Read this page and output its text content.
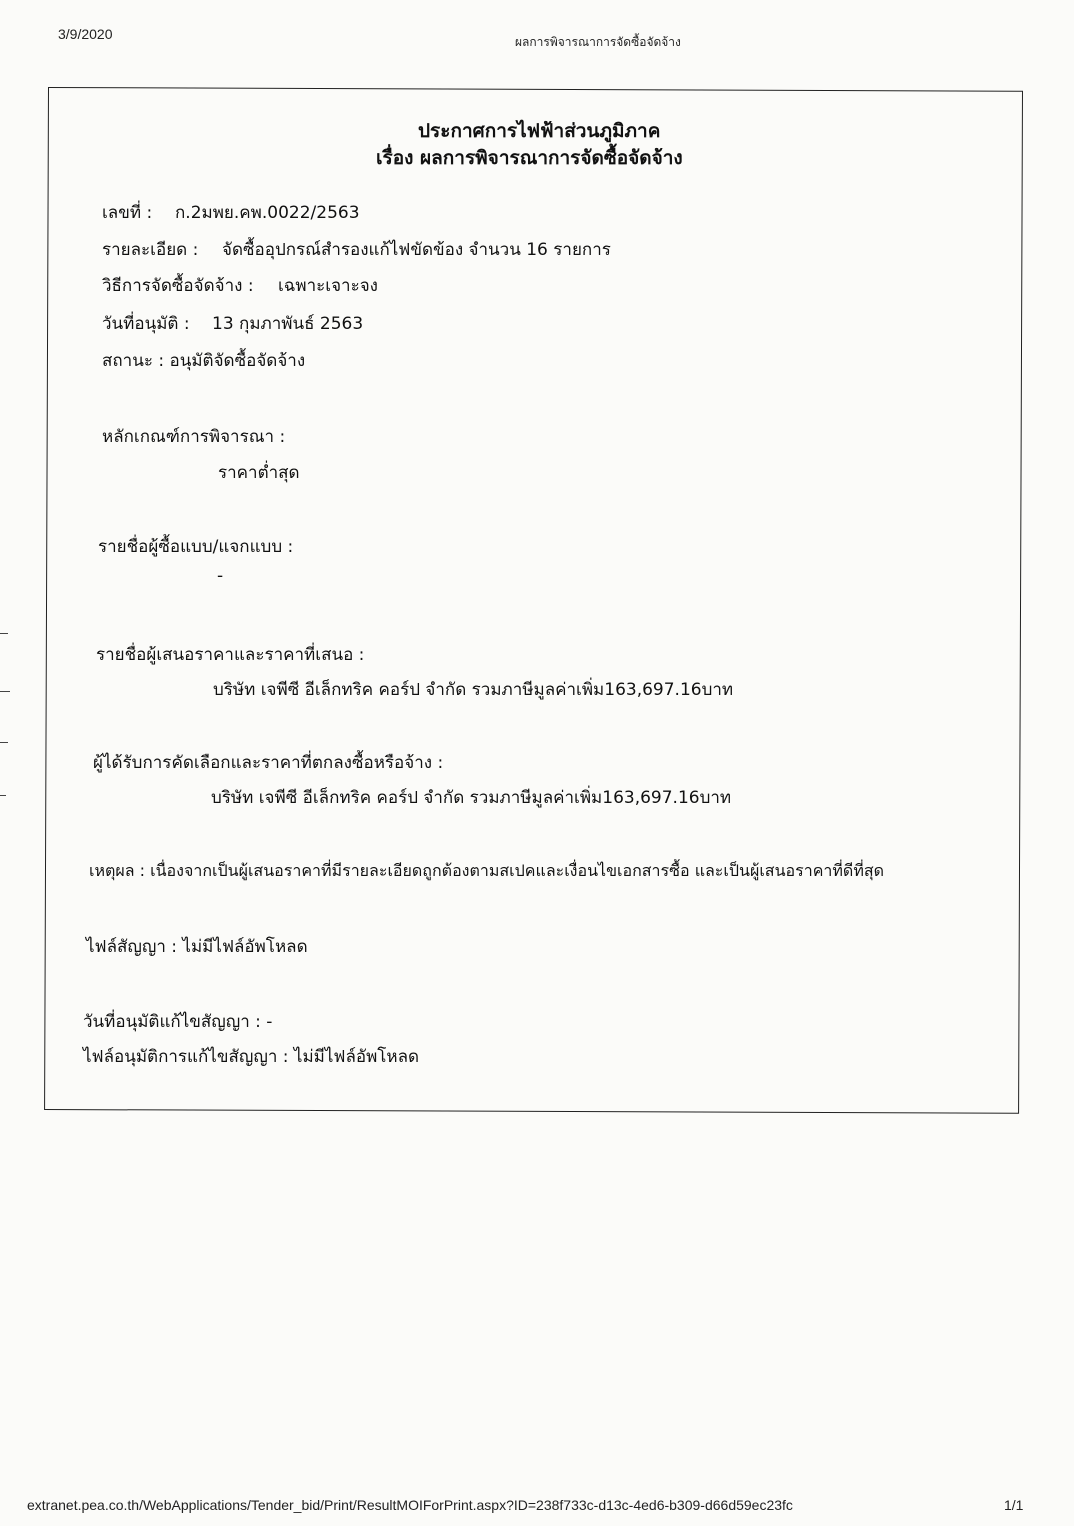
3/9/2020	ผลการพิจารณาการจัดซื้อจัดจ้าง
ประกาศการไฟฟ้าส่วนภูมิภาค
เรื่อง ผลการพิจารณาการจัดซื้อจัดจ้าง
เลขที่ : ก.2มพย.คพ.0022/2563
รายละเอียด : จัดซื้ออุปกรณ์สำรองแก้ไฟขัดข้อง จำนวน 16 รายการ
วิธีการจัดซื้อจัดจ้าง : เฉพาะเจาะจง
วันที่อนุมัติ : 13 กุมภาพันธ์ 2563
สถานะ : อนุมัติจัดซื้อจัดจ้าง
หลักเกณฑ์การพิจารณา :
ราคาต่ำสุด
รายชื่อผู้ซื้อแบบ/แจกแบบ :
-
รายชื่อผู้เสนอราคาและราคาที่เสนอ :
บริษัท เจพีซี อีเล็กทริค คอร์ป จำกัด รวมภาษีมูลค่าเพิ่ม163,697.16บาท
ผู้ได้รับการคัดเลือกและราคาที่ตกลงซื้อหรือจ้าง :
บริษัท เจพีซี อีเล็กทริค คอร์ป จำกัด รวมภาษีมูลค่าเพิ่ม163,697.16บาท
เหตุผล : เนื่องจากเป็นผู้เสนอราคาที่มีรายละเอียดถูกต้องตามสเปคและเงื่อนไขเอกสารซื้อ และเป็นผู้เสนอราคาที่ดีที่สุด
ไฟล์สัญญา : ไม่มีไฟล์อัพโหลด
วันที่อนุมัติแก้ไขสัญญา : -
ไฟล์อนุมัติการแก้ไขสัญญา : ไม่มีไฟล์อัพโหลด
extranet.pea.co.th/WebApplications/Tender_bid/Print/ResultMOIForPrint.aspx?ID=238f733c-d13c-4ed6-b309-d66d59ec23fc	1/1
